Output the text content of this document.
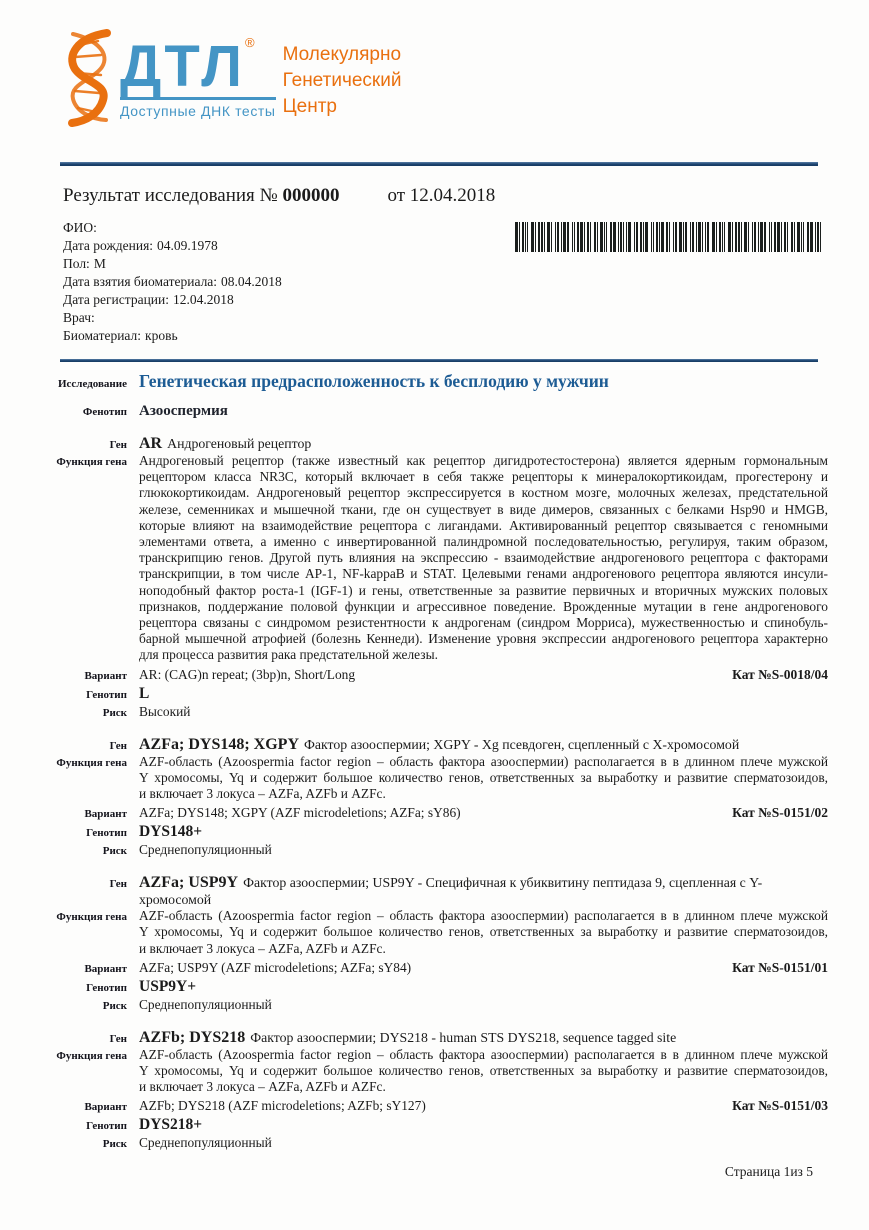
ДТЛ®
Доступные ДНК тесты
Молекулярно
Генетический
Центр
Результат исследования № 000000	от 12.04.2018
ФИО:
Дата рождения: 04.09.1978
Пол: М
Дата взятия биоматериала: 08.04.2018
Дата регистрации: 12.04.2018
Врач:
Биоматериал: кровь
Исследование Генетическая предрасположенность к бесплодию у мужчин
Фенотип Азооспермия
Ген AR Андрогеновый рецептор
Функция гена Андрогеновый рецептор (также известный как рецептор дигидротестостерона) является ядерным гормональным
рецептором класса NR3C, который включает в себя также рецепторы к минералокортикоидам, прогестерону и
глюкокортикоидам. Андрогеновый рецептор экспрессируется в костном мозге, молочных железах, предстательной
железе, семенниках и мышечной ткани, где он существует в виде димеров, связанных с белками Hsp90 и HMGB,
которые влияют на взаимодействие рецептора с лигандами. Активированный рецептор связывается с геномными
элементами ответа, а именно с инвертированной палиндромной последовательностью, регулируя, таким образом,
транскрипцию генов. Другой путь влияния на экспрессию - взаимодействие андрогенового рецептора с факторами
транскрипции, в том числе AP-1, NF-kappaB и STAT. Целевыми генами андрогенового рецептора являются инсули-
ноподобный фактор роста-1 (IGF-1) и гены, ответственные за развитие первичных и вторичных мужских половых
признаков, поддержание половой функции и агрессивное поведение. Врожденные мутации в гене андрогенового
рецептора связаны с синдромом резистентности к андрогенам (синдром Морриса), мужественностью и спинобуль-
барной мышечной атрофией (болезнь Кеннеди). Изменение уровня экспрессии андрогенового рецептора характерно
для процесса развития рака предстательной железы.
Вариант AR: (CAG)n repeat; (3bp)n, Short/Long	Кат №S-0018/04
Генотип L
Риск Высокий
Ген AZFa; DYS148; XGPY Фактор азооспермии; XGPY - Xg псевдоген, сцепленный с X-хромосомой
Функция гена AZF-область (Azoospermia factor region – область фактора азооспермии) располагается в в длинном плече мужской
Y хромосомы, Yq и содержит большое количество генов, ответственных за выработку и развитие сперматозоидов,
и включает 3 локуса – AZFa, AZFb и AZFc.
Вариант AZFa; DYS148; XGPY (AZF microdeletions; AZFa; sY86)	Кат №S-0151/02
Генотип DYS148+
Риск Среднепопуляционный
Ген AZFa; USP9Y Фактор азооспермии; USP9Y - Специфичная к убиквитину пептидаза 9, сцепленная с Y-хромосомой
Функция гена AZF-область (Azoospermia factor region – область фактора азооспермии) располагается в в длинном плече мужской
Y хромосомы, Yq и содержит большое количество генов, ответственных за выработку и развитие сперматозоидов,
и включает 3 локуса – AZFa, AZFb и AZFc.
Вариант AZFa; USP9Y (AZF microdeletions; AZFa; sY84)	Кат №S-0151/01
Генотип USP9Y+
Риск Среднепопуляционный
Ген AZFb; DYS218 Фактор азооспермии; DYS218 - human STS DYS218, sequence tagged site
Функция гена AZF-область (Azoospermia factor region – область фактора азооспермии) располагается в в длинном плече мужской
Y хромосомы, Yq и содержит большое количество генов, ответственных за выработку и развитие сперматозоидов,
и включает 3 локуса – AZFa, AZFb и AZFc.
Вариант AZFb; DYS218 (AZF microdeletions; AZFb; sY127)	Кат №S-0151/03
Генотип DYS218+
Риск Среднепопуляционный
Страница 1из 5
